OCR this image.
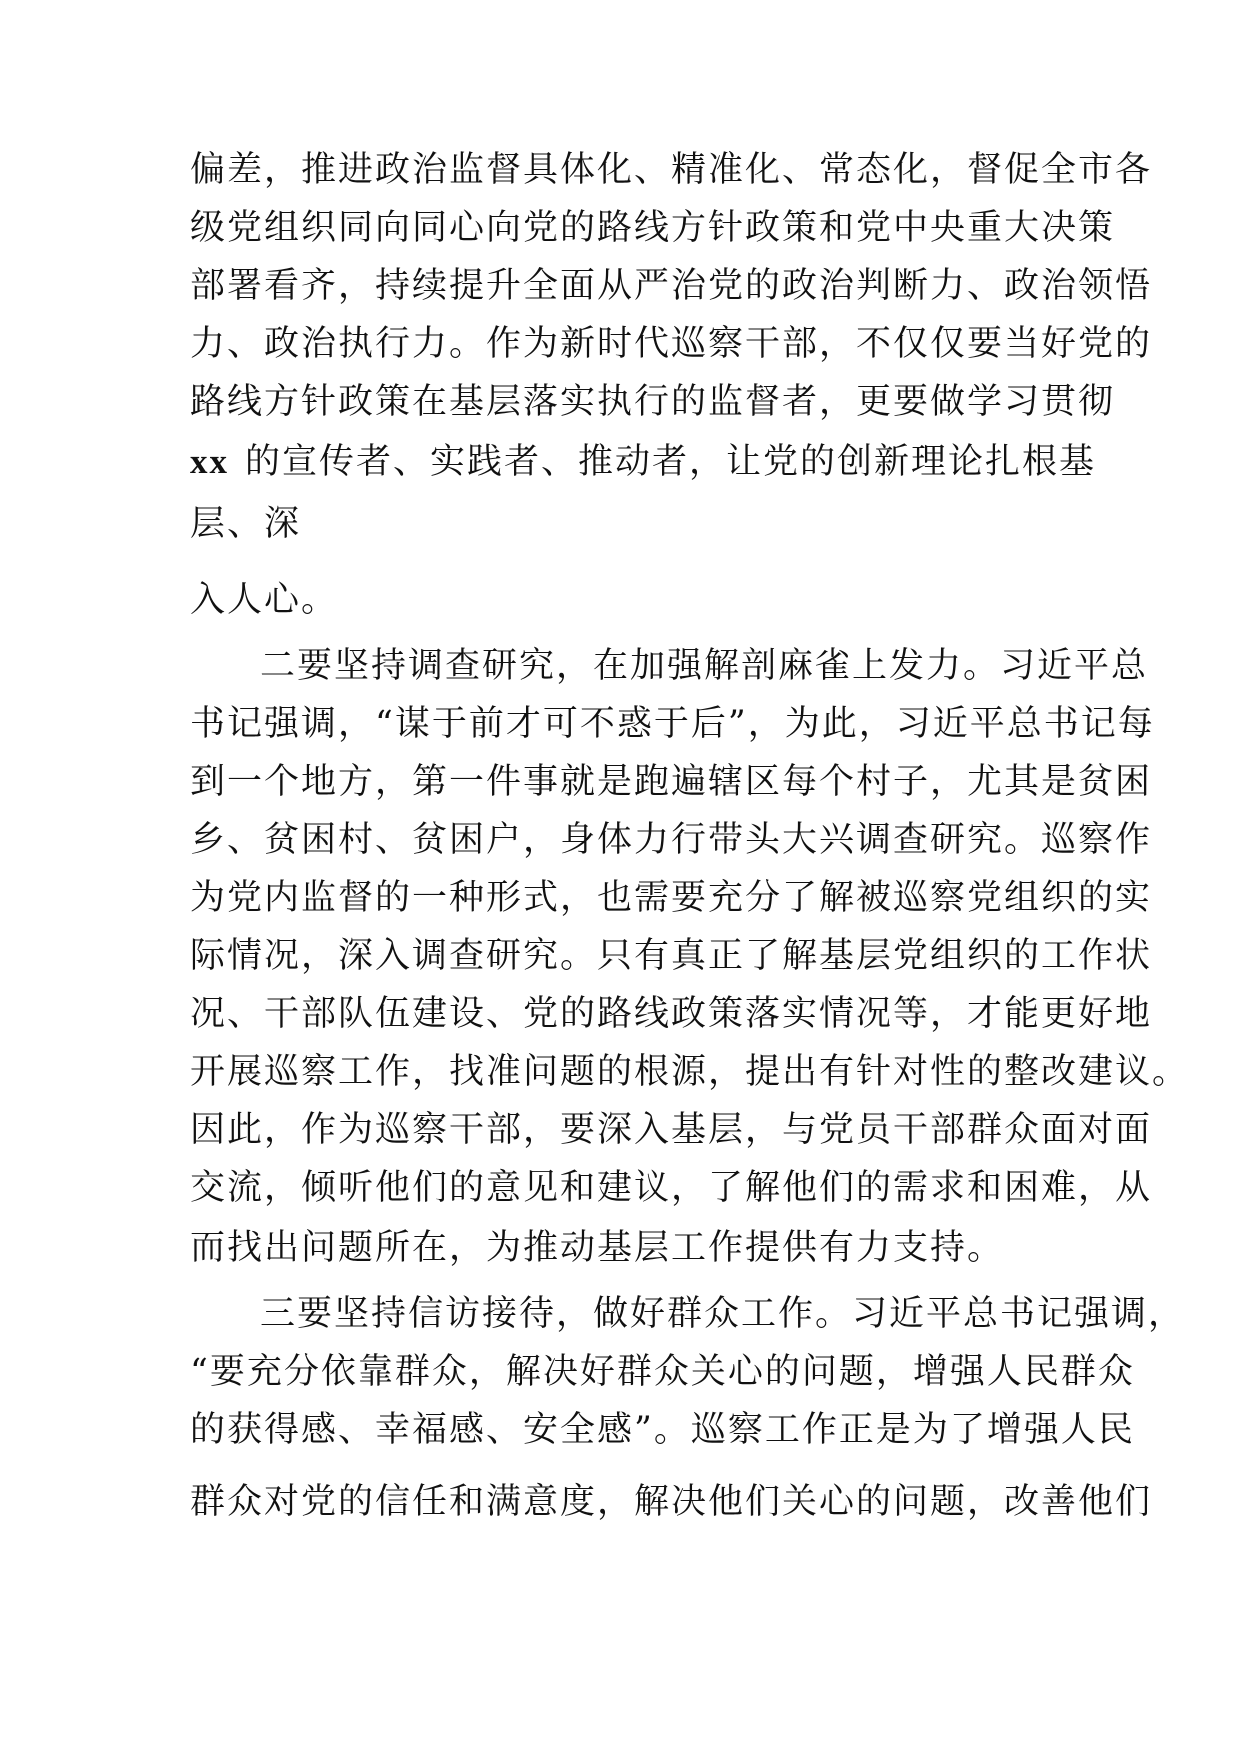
偏差，推进政治监督具体化、精准化、常态化，督促全市各
级党组织同向同心向党的路线方针政策和党中央重大决策
部署看齐，持续提升全面从严治党的政治判断力、政治领悟
力、政治执行力。作为新时代巡察干部，不仅仅要当好党的
路线方针政策在基层落实执行的监督者，更要做学习贯彻
xx 的宣传者、实践者、推动者，让党的创新理论扎根基
层、深
入人心。
二要坚持调查研究，在加强解剖麻雀上发力。习近平总
书记强调，“谋于前才可不惑于后”，为此，习近平总书记每
到一个地方，第一件事就是跑遍辖区每个村子，尤其是贫困
乡、贫困村、贫困户，身体力行带头大兴调查研究。巡察作
为党内监督的一种形式，也需要充分了解被巡察党组织的实
际情况，深入调查研究。只有真正了解基层党组织的工作状
况、干部队伍建设、党的路线政策落实情况等，才能更好地
开展巡察工作，找准问题的根源，提出有针对性的整改建议。
因此，作为巡察干部，要深入基层，与党员干部群众面对面
交流，倾听他们的意见和建议，了解他们的需求和困难，从
而找出问题所在，为推动基层工作提供有力支持。
三要坚持信访接待，做好群众工作。习近平总书记强调，
“要充分依靠群众，解决好群众关心的问题，增强人民群众
的获得感、幸福感、安全感”。巡察工作正是为了增强人民
群众对党的信任和满意度，解决他们关心的问题，改善他们
